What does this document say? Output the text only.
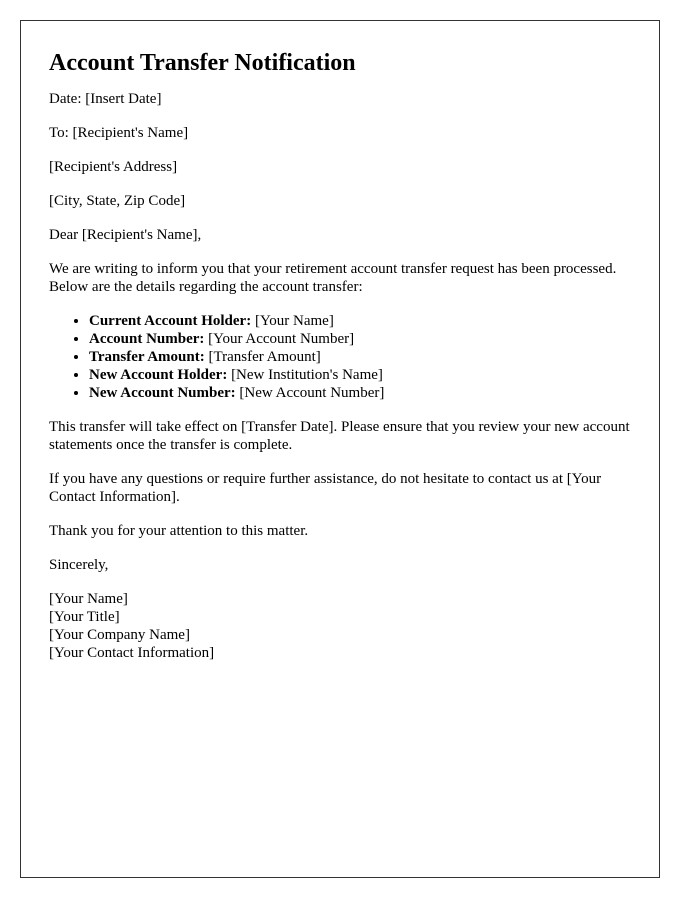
Account Transfer Notification

Date: [Insert Date]

To: [Recipient's Name]

[Recipient's Address]

[City, State, Zip Code]

Dear [Recipient's Name],

We are writing to inform you that your retirement account transfer request has been processed. Below are the details regarding the account transfer:

• Current Account Holder: [Your Name]
• Account Number: [Your Account Number]
• Transfer Amount: [Transfer Amount]
• New Account Holder: [New Institution's Name]
• New Account Number: [New Account Number]

This transfer will take effect on [Transfer Date]. Please ensure that you review your new account statements once the transfer is complete.

If you have any questions or require further assistance, do not hesitate to contact us at [Your Contact Information].

Thank you for your attention to this matter.

Sincerely,

[Your Name]
[Your Title]
[Your Company Name]
[Your Contact Information]
